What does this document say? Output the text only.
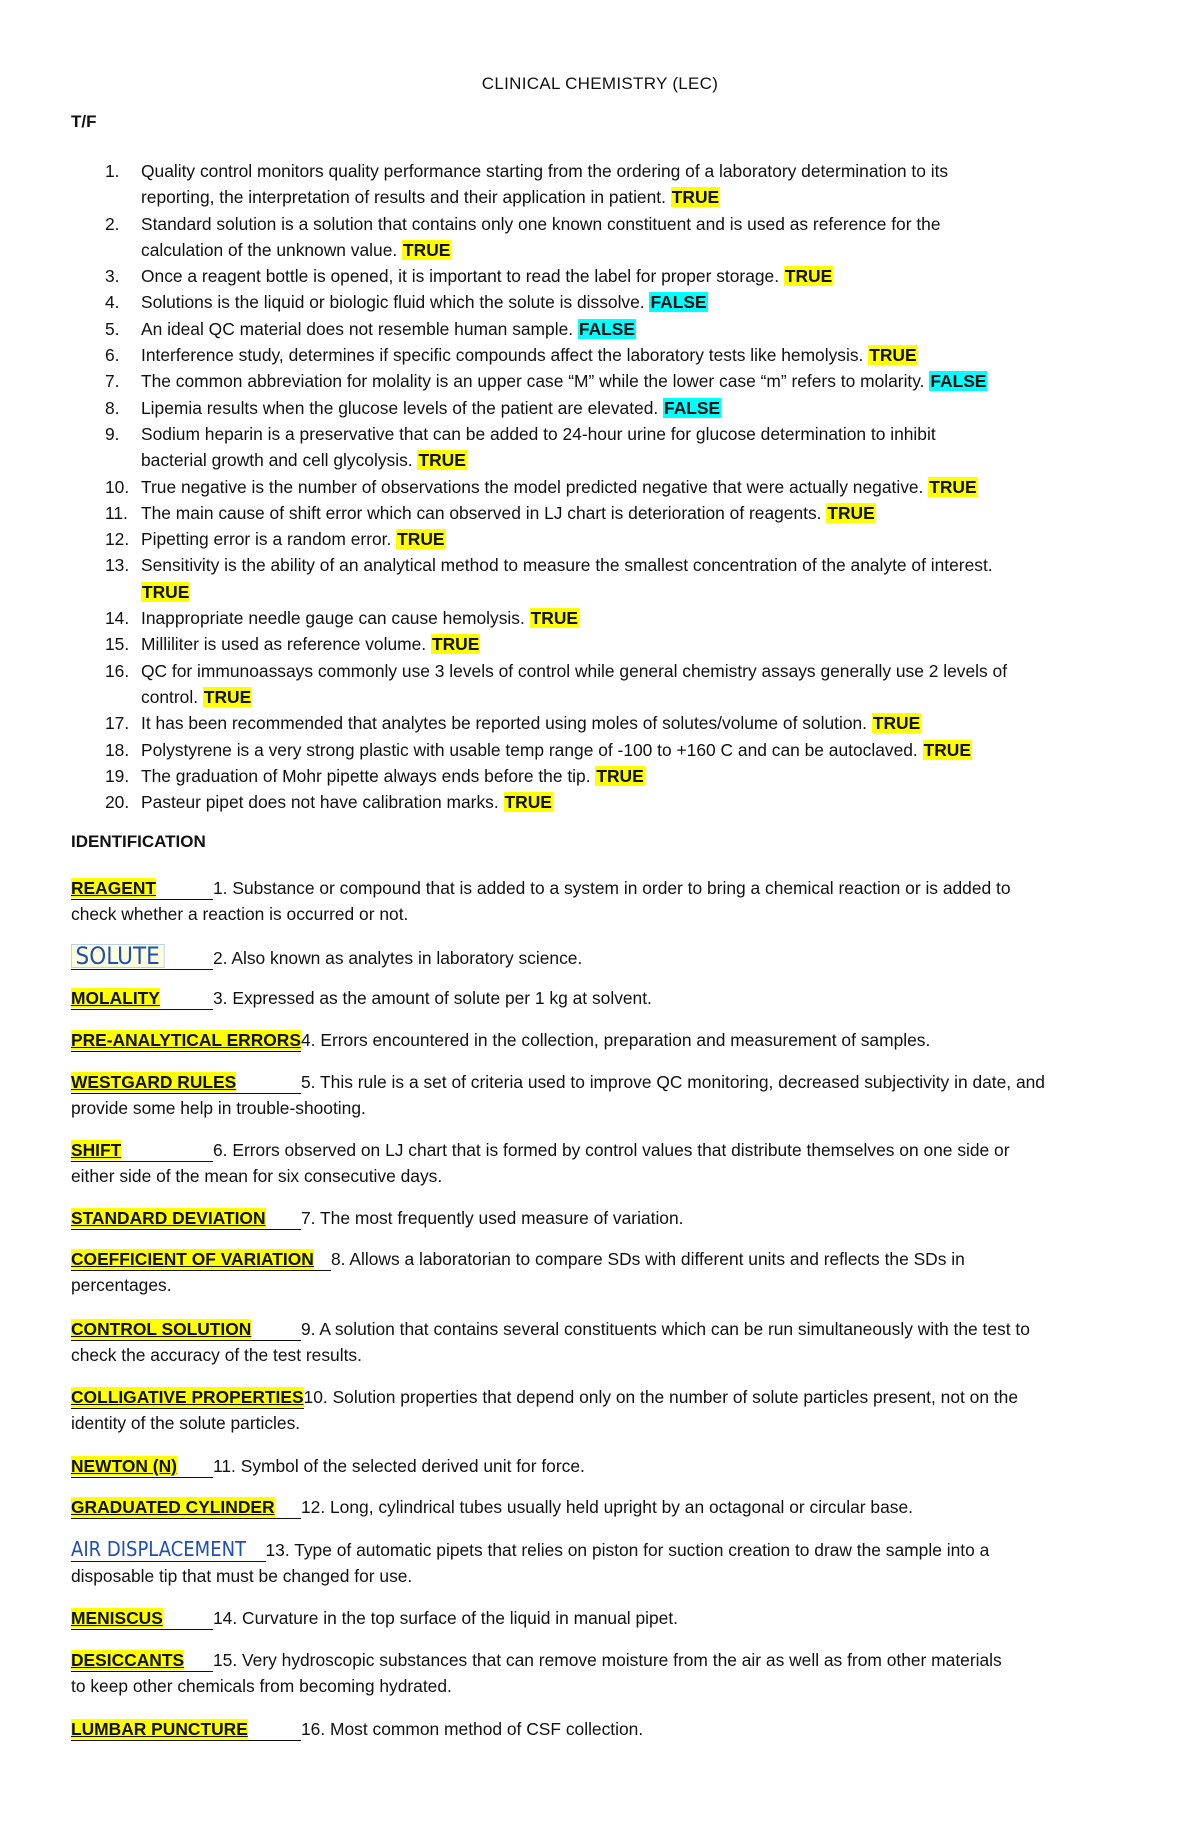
CLINICAL CHEMISTRY (LEC)
T/F
1. Quality control monitors quality performance starting from the ordering of a laboratory determination to its
reporting, the interpretation of results and their application in patient. TRUE
2. Standard solution is a solution that contains only one known constituent and is used as reference for the
calculation of the unknown value. TRUE
3. Once a reagent bottle is opened, it is important to read the label for proper storage. TRUE
4. Solutions is the liquid or biologic fluid which the solute is dissolve. FALSE
5. An ideal QC material does not resemble human sample. FALSE
6. Interference study, determines if specific compounds affect the laboratory tests like hemolysis. TRUE
7. The common abbreviation for molality is an upper case “M” while the lower case “m” refers to molarity. FALSE
8. Lipemia results when the glucose levels of the patient are elevated. FALSE
9. Sodium heparin is a preservative that can be added to 24-hour urine for glucose determination to inhibit
bacterial growth and cell glycolysis. TRUE
10. True negative is the number of observations the model predicted negative that were actually negative. TRUE
11. The main cause of shift error which can observed in LJ chart is deterioration of reagents. TRUE
12. Pipetting error is a random error. TRUE
13. Sensitivity is the ability of an analytical method to measure the smallest concentration of the analyte of interest.
TRUE
14. Inappropriate needle gauge can cause hemolysis. TRUE
15. Milliliter is used as reference volume. TRUE
16. QC for immunoassays commonly use 3 levels of control while general chemistry assays generally use 2 levels of
control. TRUE
17. It has been recommended that analytes be reported using moles of solutes/volume of solution. TRUE
18. Polystyrene is a very strong plastic with usable temp range of -100 to +160 C and can be autoclaved. TRUE
19. The graduation of Mohr pipette always ends before the tip. TRUE
20. Pasteur pipet does not have calibration marks. TRUE
IDENTIFICATION
REAGENT	1. Substance or compound that is added to a system in order to bring a chemical reaction or is added to
check whether a reaction is occurred or not.
SOLUTE	2. Also known as analytes in laboratory science.
MOLALITY	3. Expressed as the amount of solute per 1 kg at solvent.
PRE-ANALYTICAL ERRORS4. Errors encountered in the collection, preparation and measurement of samples.
WESTGARD RULES	5. This rule is a set of criteria used to improve QC monitoring, decreased subjectivity in date, and
provide some help in trouble-shooting.
SHIFT	6. Errors observed on LJ chart that is formed by control values that distribute themselves on one side or
either side of the mean for six consecutive days.
STANDARD DEVIATION 7. The most frequently used measure of variation.
COEFFICIENT OF VARIATION 8. Allows a laboratorian to compare SDs with different units and reflects the SDs in
percentages.
CONTROL SOLUTION	9. A solution that contains several constituents which can be run simultaneously with the test to
check the accuracy of the test results.
COLLIGATIVE PROPERTIES10. Solution properties that depend only on the number of solute particles present, not on the
identity of the solute particles.
NEWTON (N) 11. Symbol of the selected derived unit for force.
GRADUATED CYLINDER 12. Long, cylindrical tubes usually held upright by an octagonal or circular base.
AIR DISPLACEMENT 13. Type of automatic pipets that relies on piston for suction creation to draw the sample into a
disposable tip that must be changed for use.
MENISCUS	14. Curvature in the top surface of the liquid in manual pipet.
DESICCANTS 15. Very hydroscopic substances that can remove moisture from the air as well as from other materials
to keep other chemicals from becoming hydrated.
LUMBAR PUNCTURE	16. Most common method of CSF collection.
